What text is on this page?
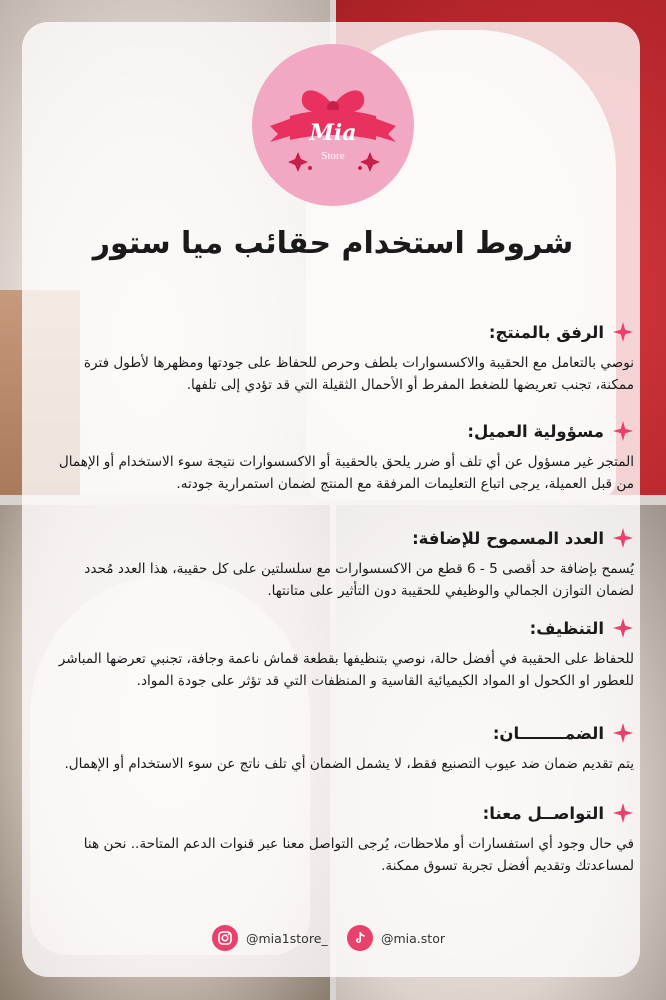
Mia
Store
شروط استخدام حقائب ميا ستور
الرفق بالمنتج:

نوصي بالتعامل مع الحقيبة والاكسسوارات بلطف وحرص للحفاظ على جودتها ومظهرها لأطول فترة ممكنة، تجنب تعريضها للضغط المفرط أو الأحمال الثقيلة التي قد تؤدي إلى تلفها.

مسؤولية العميل:

المتجر غير مسؤول عن أي تلف أو ضرر يلحق بالحقيبة أو الاكسسوارات نتيجة سوء الاستخدام أو الإهمال من قبل العميلة، يرجى اتباع التعليمات المرفقة مع المنتج لضمان استمرارية جودته.

العدد المسموح للإضافة:

يُسمح بإضافة حد أقصى 5 - 6 قطع من الاكسسوارات مع سلسلتين على كل حقيبة، هذا العدد مُحدد لضمان التوازن الجمالي والوظيفي للحقيبة دون التأثير على متانتها.

التنظيف:

للحفاظ على الحقيبة في أفضل حالة، نوصي بتنظيفها بقطعة قماش ناعمة وجافة، تجنبي تعرضها المباشر للعطور او الكحول او المواد الكيميائية القاسية و المنظفات التي قد تؤثر على جودة المواد.

الضمــــــــان:

يتم تقديم ضمان ضد عيوب التصنيع فقط، لا يشمل الضمان أي تلف ناتج عن سوء الاستخدام أو الإهمال.

التواصــل معنا:

في حال وجود أي استفسارات أو ملاحظات، يُرجى التواصل معنا عبر قنوات الدعم المتاحة.. نحن هنا لمساعدتك وتقديم أفضل تجربة تسوق ممكنة.

@mia1store_	@mia.stor
